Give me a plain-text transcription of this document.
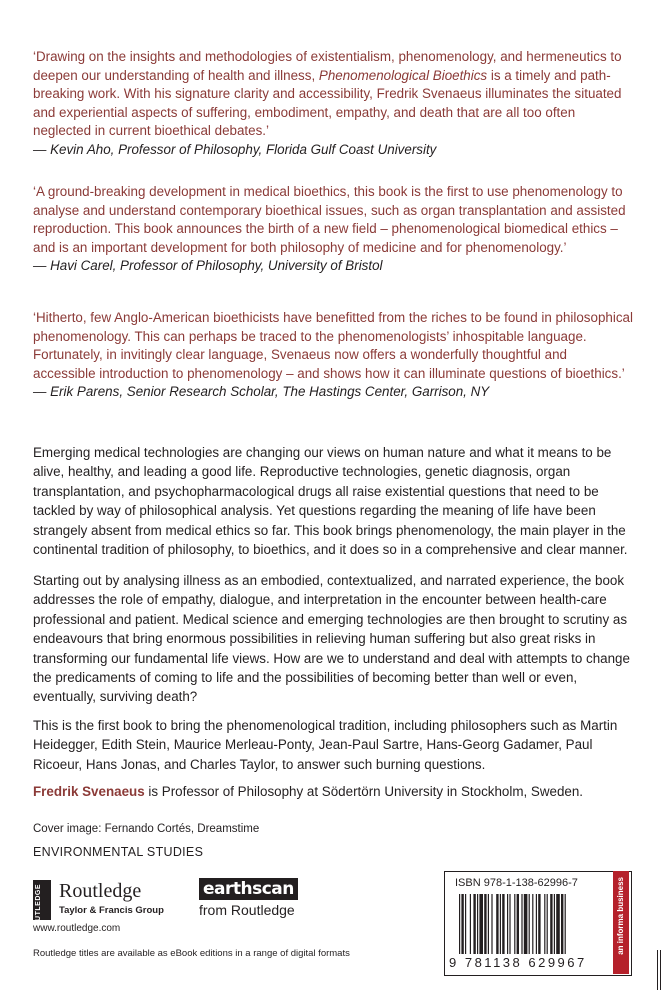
‘Drawing on the insights and methodologies of existentialism, phenomenology, and hermeneutics to deepen our understanding of health and illness, Phenomenological Bioethics is a timely and path-breaking work. With his signature clarity and accessibility, Fredrik Svenaeus illuminates the situated and experiential aspects of suffering, embodiment, empathy, and death that are all too often neglected in current bioethical debates.’
— Kevin Aho, Professor of Philosophy, Florida Gulf Coast University

‘A ground-breaking development in medical bioethics, this book is the first to use phenomenology to analyse and understand contemporary bioethical issues, such as organ transplantation and assisted reproduction. This book announces the birth of a new field – phenomenological biomedical ethics – and is an important development for both philosophy of medicine and for phenomenology.’
— Havi Carel, Professor of Philosophy, University of Bristol

‘Hitherto, few Anglo-American bioethicists have benefitted from the riches to be found in philosophical phenomenology. This can perhaps be traced to the phenomenologists’ inhospitable language. Fortunately, in invitingly clear language, Svenaeus now offers a wonderfully thoughtful and accessible introduction to phenomenology – and shows how it can illuminate questions of bioethics.’
— Erik Parens, Senior Research Scholar, The Hastings Center, Garrison, NY

Emerging medical technologies are changing our views on human nature and what it means to be alive, healthy, and leading a good life. Reproductive technologies, genetic diagnosis, organ transplantation, and psychopharmacological drugs all raise existential questions that need to be tackled by way of philosophical analysis. Yet questions regarding the meaning of life have been strangely absent from medical ethics so far. This book brings phenomenology, the main player in the continental tradition of philosophy, to bioethics, and it does so in a comprehensive and clear manner.

Starting out by analysing illness as an embodied, contextualized, and narrated experience, the book addresses the role of empathy, dialogue, and interpretation in the encounter between health-care professional and patient. Medical science and emerging technologies are then brought to scrutiny as endeavours that bring enormous possibilities in relieving human suffering but also great risks in transforming our fundamental life views. How are we to understand and deal with attempts to change the predicaments of coming to life and the possibilities of becoming better than well or even, eventually, surviving death?

This is the first book to bring the phenomenological tradition, including philosophers such as Martin Heidegger, Edith Stein, Maurice Merleau-Ponty, Jean-Paul Sartre, Hans-Georg Gadamer, Paul Ricoeur, Hans Jonas, and Charles Taylor, to answer such burning questions.

Fredrik Svenaeus is Professor of Philosophy at Södertörn University in Stockholm, Sweden.

Cover image: Fernando Cortés, Dreamstime
ENVIRONMENTAL STUDIES
ROUTLEDGE Routledge
Taylor & Francis Group
www.routledge.com
earthscan
from Routledge
Routledge titles are available as eBook editions in a range of digital formats
ISBN 978-1-138-62996-7
9 781138 629967
an informa business
